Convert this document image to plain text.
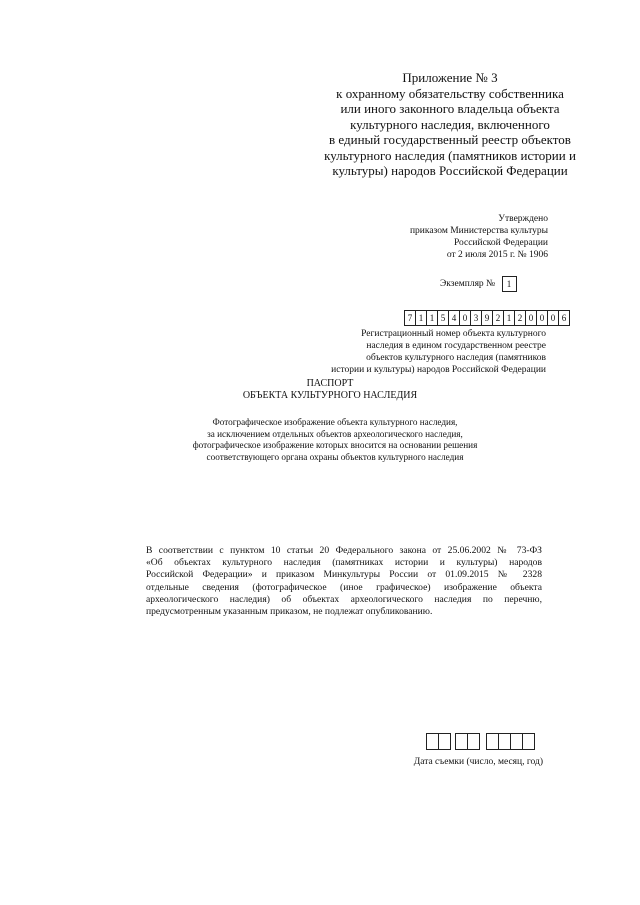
Приложение № 3
к охранному обязательству собственника
или иного законного владельца объекта
культурного наследия, включенного
в единый государственный реестр объектов
культурного наследия (памятников истории и
культуры) народов Российской Федерации
Утверждено
приказом Министерства культуры
Российской Федерации
от 2 июля 2015 г. № 1906
Экземпляр № 1
7 1 1 5 4 0 3 9 2 1 2 0 0 0 6
Регистрационный номер объекта культурного
наследия в едином государственном реестре
объектов культурного наследия (памятников
истории и культуры) народов Российской Федерации
ПАСПОРТ
ОБЪЕКТА КУЛЬТУРНОГО НАСЛЕДИЯ
Фотографическое изображение объекта культурного наследия,
за исключением отдельных объектов археологического наследия,
фотографическое изображение которых вносится на основании решения
соответствующего органа охраны объектов культурного наследия
В соответствии с пунктом 10 статьи 20 Федерального закона от 25.06.2002 № 73-ФЗ
«Об объектах культурного наследия (памятниках истории и культуры) народов
Российской Федерации» и приказом Минкультуры России от 01.09.2015 № 2328
отдельные сведения (фотографическое (иное графическое) изображение объекта
археологического наследия) об объектах археологического наследия по перечню,
предусмотренным указанным приказом, не подлежат опубликованию.
Дата съемки (число, месяц, год)
